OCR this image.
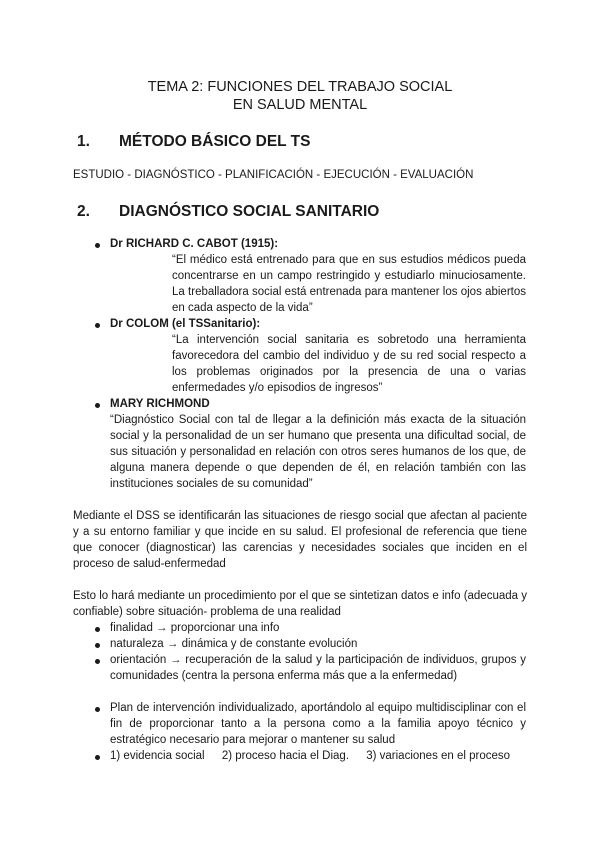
TEMA 2: FUNCIONES DEL TRABAJO SOCIAL
EN SALUD MENTAL
1. MÉTODO BÁSICO DEL TS
ESTUDIO - DIAGNÓSTICO - PLANIFICACIÓN - EJECUCIÓN - EVALUACIÓN
2. DIAGNÓSTICO SOCIAL SANITARIO
Dr RICHARD C. CABOT (1915):
“El médico está entrenado para que en sus estudios médicos pueda concentrarse en un campo restringido y estudiarlo minuciosamente. La treballadora social está entrenada para mantener los ojos abiertos en cada aspecto de la vida”
Dr COLOM (el TSSanitario):
“La intervención social sanitaria es sobretodo una herramienta favorecedora del cambio del individuo y de su red social respecto a los problemas originados por la presencia de una o varias enfermedades y/o episodios de ingresos”
MARY RICHMOND
“Diagnóstico Social con tal de llegar a la definición más exacta de la situación social y la personalidad de un ser humano que presenta una dificultad social, de sus situación y personalidad en relación con otros seres humanos de los que, de alguna manera depende o que dependen de él, en relación también con las instituciones sociales de su comunidad”
Mediante el DSS se identificarán las situaciones de riesgo social que afectan al paciente y a su entorno familiar y que incide en su salud. El profesional de referencia que tiene que conocer (diagnosticar) las carencias y necesidades sociales que inciden en el proceso de salud-enfermedad
Esto lo hará mediante un procedimiento por el que se sintetizan datos e info (adecuada y confiable) sobre situación- problema de una realidad
finalidad → proporcionar una info
naturaleza → dinámica y de constante evolución
orientación → recuperación de la salud y la participación de individuos, grupos y comunidades (centra la persona enferma más que a la enfermedad)
Plan de intervención individualizado, aportándolo al equipo multidisciplinar con el fin de proporcionar tanto a la persona como a la familia apoyo técnico y estratégico necesario para mejorar o mantener su salud
1) evidencia social 2) proceso hacia el Diag. 3) variaciones en el proceso
